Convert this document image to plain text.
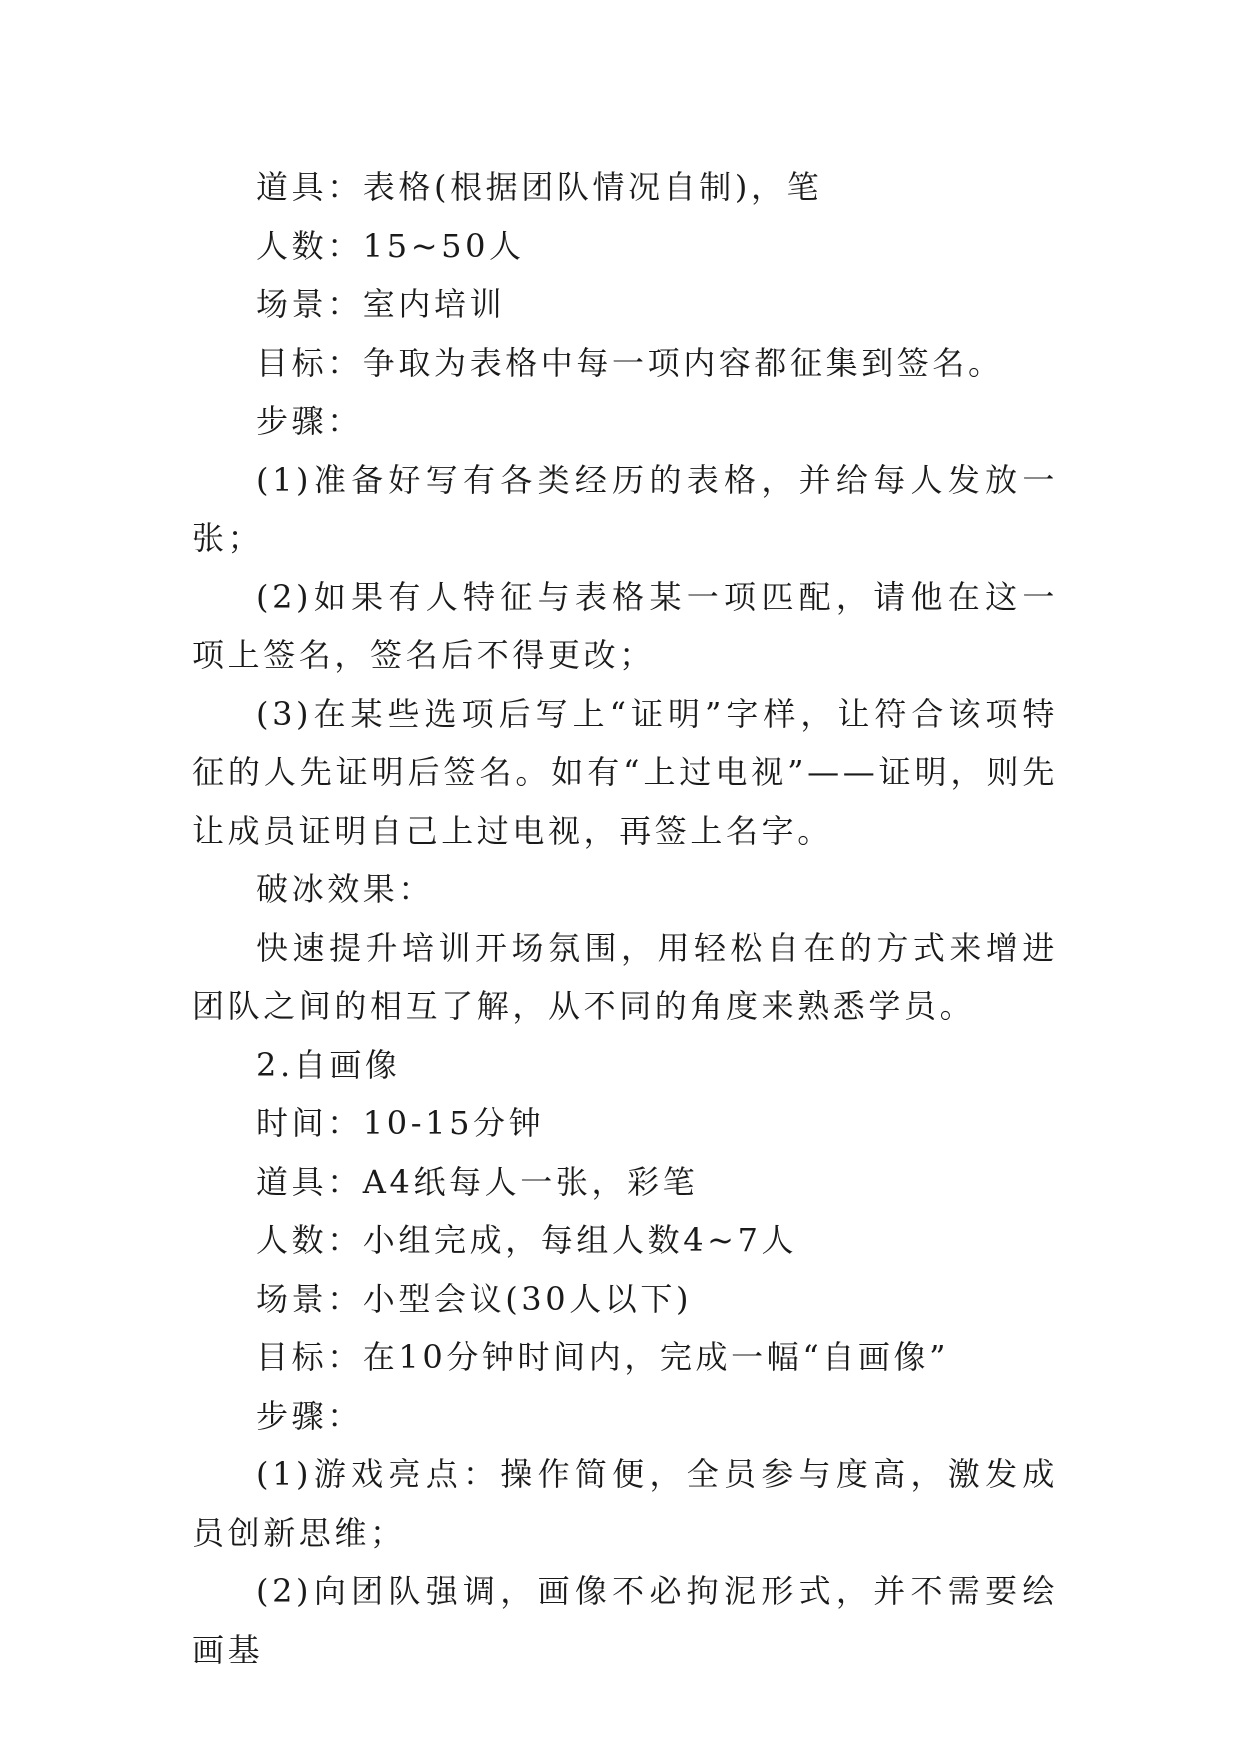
道具：表格(根据团队情况自制)，笔

人数：15~50人

场景：室内培训

目标：争取为表格中每一项内容都征集到签名。

步骤：

(1)准备好写有各类经历的表格，并给每人发放一张；

(2)如果有人特征与表格某一项匹配，请他在这一项上签名，签名后不得更改；

(3)在某些选项后写上“证明”字样，让符合该项特征的人先证明后签名。如有“上过电视”——证明，则先让成员证明自己上过电视，再签上名字。

破冰效果：

快速提升培训开场氛围，用轻松自在的方式来增进团队之间的相互了解，从不同的角度来熟悉学员。

2.自画像

时间：10-15分钟

道具：A4纸每人一张，彩笔

人数：小组完成，每组人数4~7人

场景：小型会议(30人以下)

目标：在10分钟时间内，完成一幅“自画像”

步骤：

(1)游戏亮点：操作简便，全员参与度高，激发成员创新思维；

(2)向团队强调，画像不必拘泥形式，并不需要绘画基
